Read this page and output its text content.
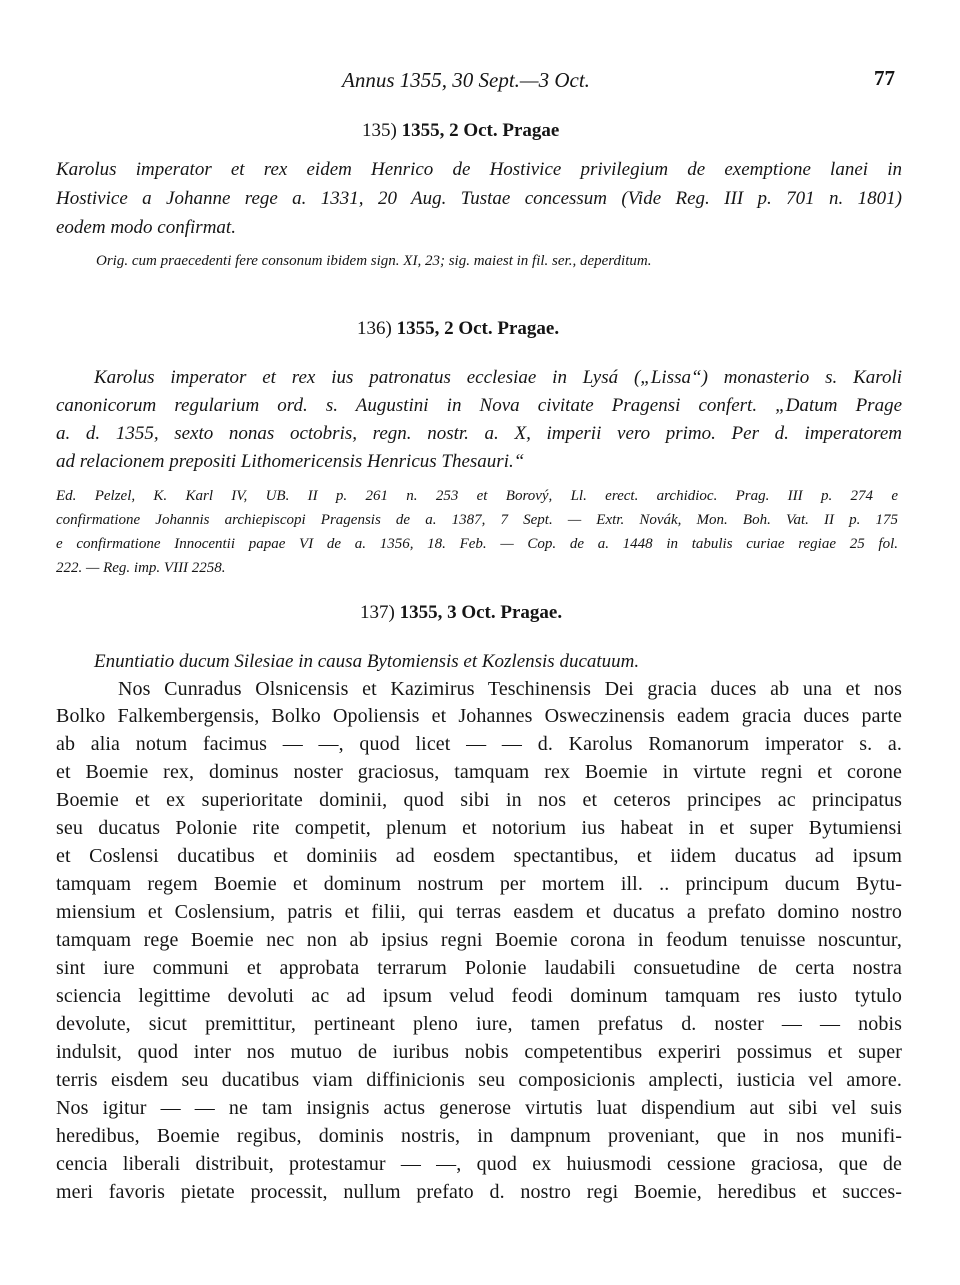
Annus 1355, 30 Sept.—3 Oct.	77
135) 1355, 2 Oct. Pragae
Karolus imperator et rex eidem Henrico de Hostivice privilegium de exemptione lanei in
Hostivice a Johanne rege a. 1331, 20 Aug. Tustae concessum (Vide Reg. III p. 701 n. 1801)
eodem modo confirmat.
Orig. cum praecedenti fere consonum ibidem sign. XI, 23; sig. maiest in fil. ser., deperditum.
136) 1355, 2 Oct. Pragae.
Karolus imperator et rex ius patronatus ecclesiae in Lysá („Lissa“) monasterio s. Karoli
canonicorum regularium ord. s. Augustini in Nova civitate Pragensi confert. „Datum Prage
a. d. 1355, sexto nonas octobris, regn. nostr. a. X, imperii vero primo. Per d. imperatorem
ad relacionem prepositi Lithomericensis Henricus Thesauri.“
Ed. Pelzel, K. Karl IV, UB. II p. 261 n. 253 et Borový, Ll. erect. archidioc. Prag. III p. 274 e
confirmatione Johannis archiepiscopi Pragensis de a. 1387, 7 Sept. — Extr. Novák, Mon. Boh. Vat. II p. 175
e confirmatione Innocentii papae VI de a. 1356, 18. Feb. — Cop. de a. 1448 in tabulis curiae regiae 25 fol.
222. — Reg. imp. VIII 2258.
137) 1355, 3 Oct. Pragae.
Enuntiatio ducum Silesiae in causa Bytomiensis et Kozlensis ducatuum.
Nos Cunradus Olsnicensis et Kazimirus Teschinensis Dei gracia duces ab una et nos
Bolko Falkembergensis, Bolko Opoliensis et Johannes Osweczinensis eadem gracia duces parte
ab alia notum facimus — —, quod licet — — d. Karolus Romanorum imperator s. a.
et Boemie rex, dominus noster graciosus, tamquam rex Boemie in virtute regni et corone
Boemie et ex superioritate dominii, quod sibi in nos et ceteros principes ac principatus
seu ducatus Polonie rite competit, plenum et notorium ius habeat in et super Bytumiensi
et Coslensi ducatibus et dominiis ad eosdem spectantibus, et iidem ducatus ad ipsum
tamquam regem Boemie et dominum nostrum per mortem ill. .. principum ducum Bytu-
miensium et Coslensium, patris et filii, qui terras easdem et ducatus a prefato domino nostro
tamquam rege Boemie nec non ab ipsius regni Boemie corona in feodum tenuisse noscuntur,
sint iure communi et approbata terrarum Polonie laudabili consuetudine de certa nostra
sciencia legittime devoluti ac ad ipsum velud feodi dominum tamquam res iusto tytulo
devolute, sicut premittitur, pertineant pleno iure, tamen prefatus d. noster — — nobis
indulsit, quod inter nos mutuo de iuribus nobis competentibus experiri possimus et super
terris eisdem seu ducatibus viam diffinicionis seu composicionis amplecti, iusticia vel amore.
Nos igitur — — ne tam insignis actus generose virtutis luat dispendium aut sibi vel suis
heredibus, Boemie regibus, dominis nostris, in dampnum proveniant, que in nos munifi-
cencia liberali distribuit, protestamur — —, quod ex huiusmodi cessione graciosa, que de
meri favoris pietate processit, nullum prefato d. nostro regi Boemie, heredibus et succes-
